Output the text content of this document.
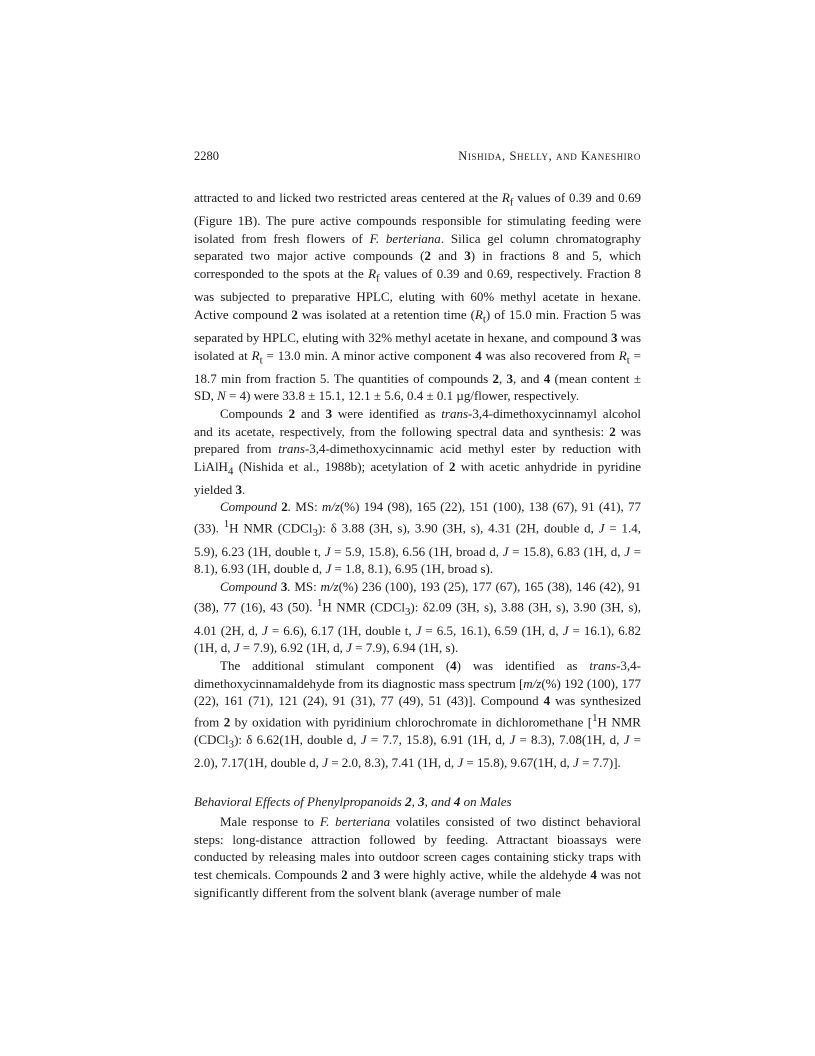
2280	Nishida, Shelly, and Kaneshiro

attracted to and licked two restricted areas centered at the $R_f$ values of 0.39 and 0.69 (Figure 1B). The pure active compounds responsible for stimulating feeding were isolated from fresh flowers of F. berteriana. Silica gel column chromatography separated two major active compounds (2 and 3) in fractions 8 and 5, which corresponded to the spots at the $R_f$ values of 0.39 and 0.69, respectively. Fraction 8 was subjected to preparative HPLC, eluting with 60% methyl acetate in hexane. Active compound 2 was isolated at a retention time $(R_t)$ of 15.0 min. Fraction 5 was separated by HPLC, eluting with 32% methyl acetate in hexane, and compound 3 was isolated at $R_t = 13.0$ min. A minor active component 4 was also recovered from $R_t = 18.7$ min from fraction 5. The quantities of compounds 2, 3, and 4 (mean content ± SD, N = 4) were 33.8 ± 15.1, 12.1 ± 5.6, 0.4 ± 0.1 µg/flower, respectively.

Compounds 2 and 3 were identified as trans-3,4-dimethoxycinnamyl alcohol and its acetate, respectively, from the following spectral data and synthesis: 2 was prepared from trans-3,4-dimethoxycinnamic acid methyl ester by reduction with LiAlH$_4$ (Nishida et al., 1988b); acetylation of 2 with acetic anhydride in pyridine yielded 3.

Compound 2. MS: m/z(%) 194 (98), 165 (22), 151 (100), 138 (67), 91 (41), 77 (33). $^1$H NMR (CDCl$_3$): δ 3.88 (3H, s), 3.90 (3H, s), 4.31 (2H, double d, J = 1.4, 5.9), 6.23 (1H, double t, J = 5.9, 15.8), 6.56 (1H, broad d, J = 15.8), 6.83 (1H, d, J = 8.1), 6.93 (1H, double d, J = 1.8, 8.1), 6.95 (1H, broad s).

Compound 3. MS: m/z(%) 236 (100), 193 (25), 177 (67), 165 (38), 146 (42), 91 (38), 77 (16), 43 (50). $^1$H NMR (CDCl$_3$): δ2.09 (3H, s), 3.88 (3H, s), 3.90 (3H, s), 4.01 (2H, d, J = 6.6), 6.17 (1H, double t, J = 6.5, 16.1), 6.59 (1H, d, J = 16.1), 6.82 (1H, d, J = 7.9), 6.92 (1H, d, J = 7.9), 6.94 (1H, s).

The additional stimulant component (4) was identified as trans-3,4-dimethoxycinnamaldehyde from its diagnostic mass spectrum [m/z(%) 192 (100), 177 (22), 161 (71), 121 (24), 91 (31), 77 (49), 51 (43)]. Compound 4 was synthesized from 2 by oxidation with pyridinium chlorochromate in dichloromethane [$^1$H NMR (CDCl$_3$): δ 6.62(1H, double d, J = 7.7, 15.8), 6.91 (1H, d, J = 8.3), 7.08(1H, d, J = 2.0), 7.17(1H, double d, J = 2.0, 8.3), 7.41 (1H, d, J = 15.8), 9.67(1H, d, J = 7.7)].

Behavioral Effects of Phenylpropanoids 2, 3, and 4 on Males

Male response to F. berteriana volatiles consisted of two distinct behavioral steps: long-distance attraction followed by feeding. Attractant bioassays were conducted by releasing males into outdoor screen cages containing sticky traps with test chemicals. Compounds 2 and 3 were highly active, while the aldehyde 4 was not significantly different from the solvent blank (average number of male
